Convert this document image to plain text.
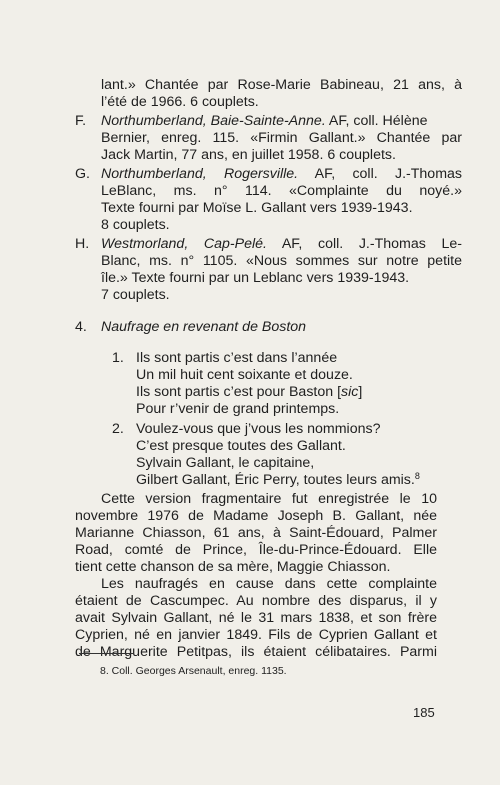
lant.» Chantée par Rose-Marie Babineau, 21 ans, à
l’été de 1966. 6 couplets.
F. Northumberland, Baie-Sainte-Anne. AF, coll. Hélène
Bernier, enreg. 115. «Firmin Gallant.» Chantée par
Jack Martin, 77 ans, en juillet 1958. 6 couplets.
G. Northumberland, Rogersville. AF, coll. J.-Thomas
LeBlanc, ms. n° 114. «Complainte du noyé.»
Texte fourni par Moïse L. Gallant vers 1939-1943.
8 couplets.
H. Westmorland, Cap-Pelé. AF, coll. J.-Thomas Le-
Blanc, ms. n° 1105. «Nous sommes sur notre petite
île.» Texte fourni par un Leblanc vers 1939-1943.
7 couplets.
4. Naufrage en revenant de Boston
1. Ils sont partis c’est dans l’année
Un mil huit cent soixante et douze.
Ils sont partis c’est pour Baston [sic]
Pour r’venir de grand printemps.
2. Voulez-vous que j’vous les nommions?
C’est presque toutes des Gallant.
Sylvain Gallant, le capitaine,
Gilbert Gallant, Éric Perry, toutes leurs amis.$^8$
Cette version fragmentaire fut enregistrée le 10
novembre 1976 de Madame Joseph B. Gallant, née
Marianne Chiasson, 61 ans, à Saint-Édouard, Palmer
Road, comté de Prince, Île-du-Prince-Édouard. Elle
tient cette chanson de sa mère, Maggie Chiasson.
Les naufragés en cause dans cette complainte
étaient de Cascumpec. Au nombre des disparus, il y
avait Sylvain Gallant, né le 31 mars 1838, et son frère
Cyprien, né en janvier 1849. Fils de Cyprien Gallant et
de Marguerite Petitpas, ils étaient célibataires. Parmi
8. Coll. Georges Arsenault, enreg. 1135.
185
